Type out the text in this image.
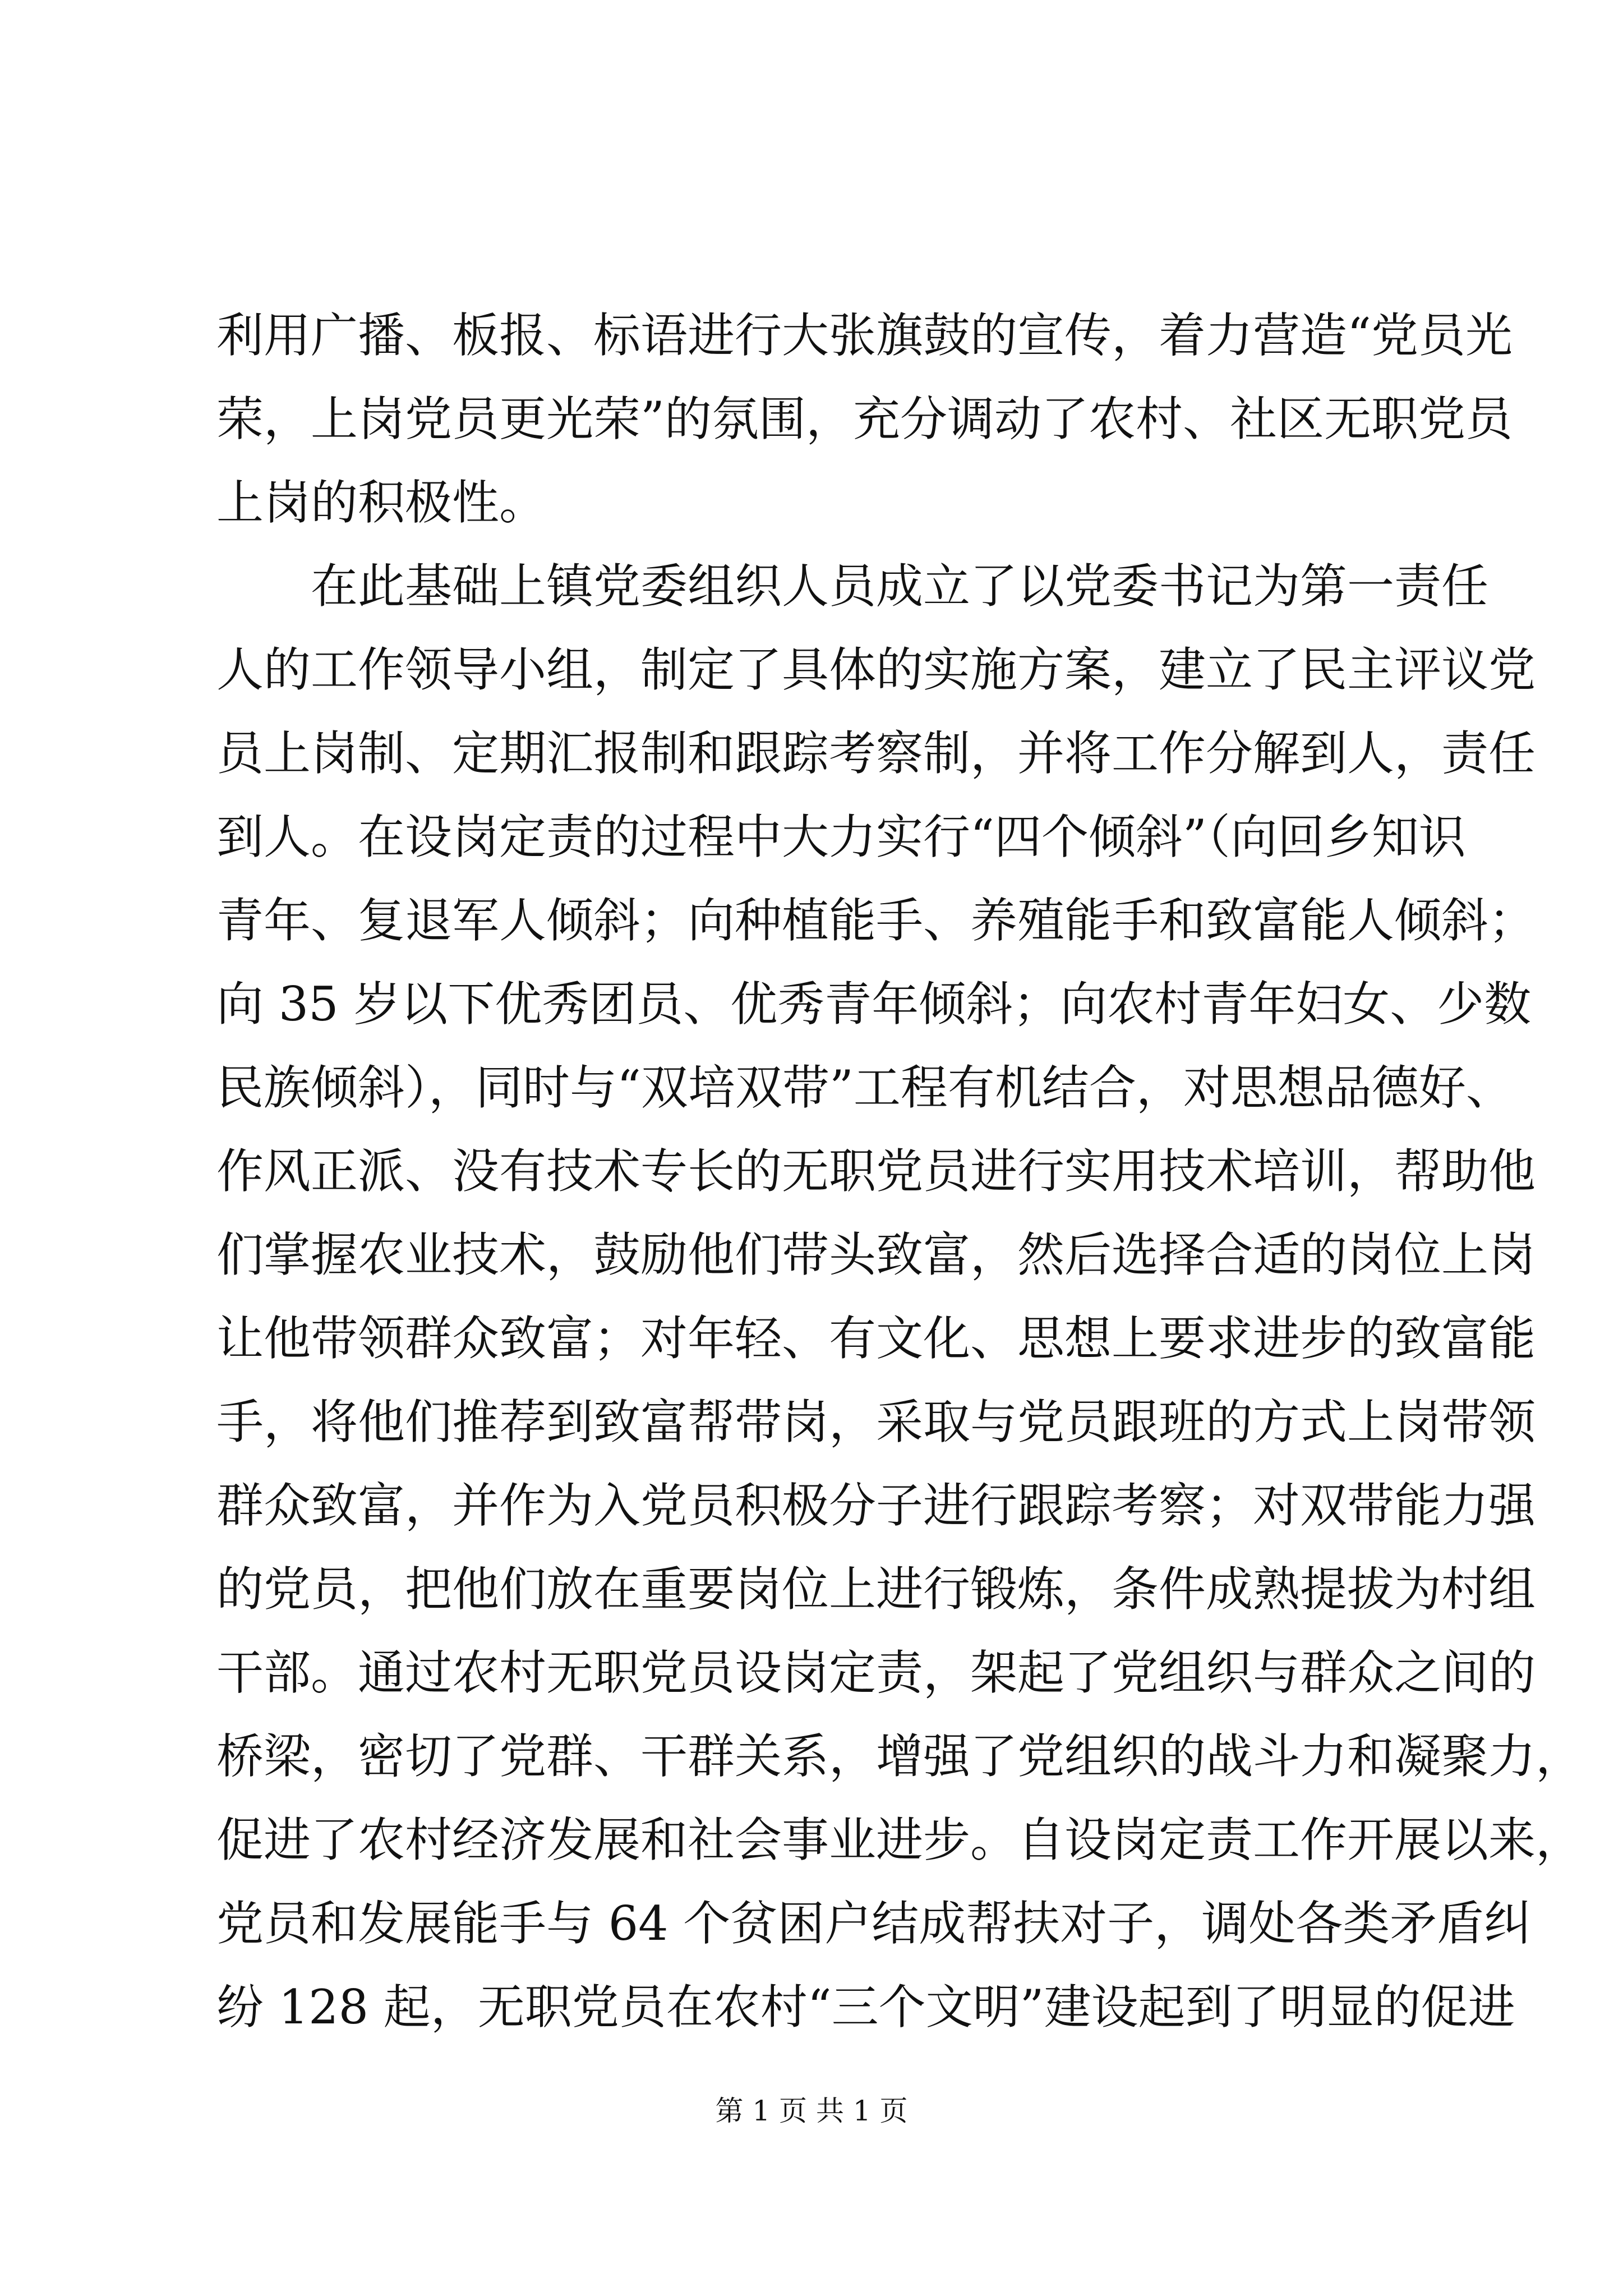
利用广播、板报、标语进行大张旗鼓的宣传，着力营造“党员光
荣，上岗党员更光荣”的氛围，充分调动了农村、社区无职党员
上岗的积极性。
在此基础上镇党委组织人员成立了以党委书记为第一责任
人的工作领导小组，制定了具体的实施方案，建立了民主评议党
员上岗制、定期汇报制和跟踪考察制，并将工作分解到人，责任
到人。在设岗定责的过程中大力实行“四个倾斜”（向回乡知识
青年、复退军人倾斜；向种植能手、养殖能手和致富能人倾斜；
向 35 岁以下优秀团员、优秀青年倾斜；向农村青年妇女、少数
民族倾斜），同时与“双培双带”工程有机结合，对思想品德好、
作风正派、没有技术专长的无职党员进行实用技术培训，帮助他
们掌握农业技术，鼓励他们带头致富，然后选择合适的岗位上岗
让他带领群众致富；对年轻、有文化、思想上要求进步的致富能
手，将他们推荐到致富帮带岗，采取与党员跟班的方式上岗带领
群众致富，并作为入党员积极分子进行跟踪考察；对双带能力强
的党员，把他们放在重要岗位上进行锻炼，条件成熟提拔为村组
干部。通过农村无职党员设岗定责，架起了党组织与群众之间的
桥梁，密切了党群、干群关系，增强了党组织的战斗力和凝聚力，
促进了农村经济发展和社会事业进步。自设岗定责工作开展以来，
党员和发展能手与 64 个贫困户结成帮扶对子，调处各类矛盾纠
纷 128 起，无职党员在农村“三个文明”建设起到了明显的促进
第 1 页 共 1 页
